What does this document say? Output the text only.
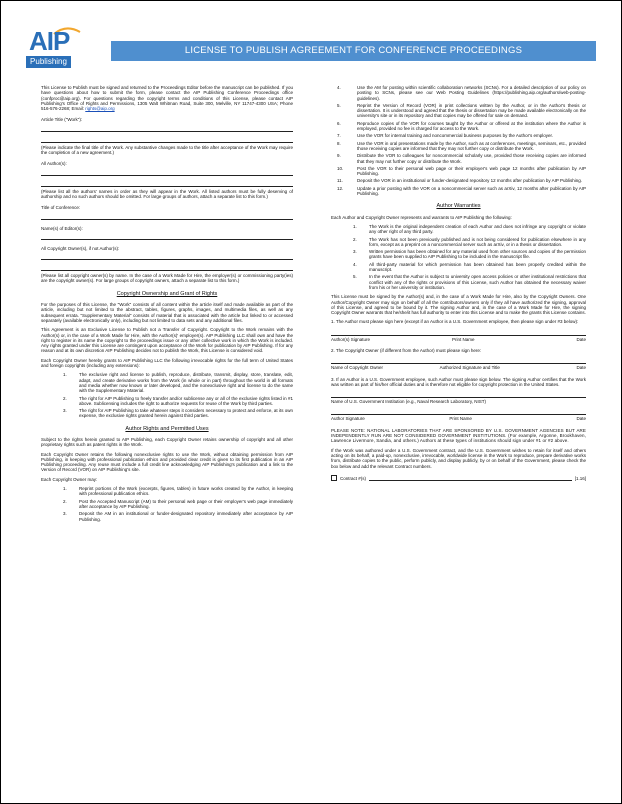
AIP
Publishing
LICENSE TO PUBLISH AGREEMENT FOR CONFERENCE PROCEEDINGS

This License to Publish must be signed and returned to the Proceedings Editor before the manuscript can be published. If you have questions about how to submit the form, please contact the AIP Publishing Conference Proceedings office (confproc@aip.org). For questions regarding the copyright terms and conditions of this License, please contact AIP Publishing's Office of Rights and Permissions, 1305 Walt Whitman Road, Suite 300, Melville, NY 11747-4300 USA; Phone 516-576-2268; Email: rights@aip.org

Article Title ("Work"):

(Please indicate the final title of the Work. Any substantive changes made to the title after acceptance of the Work may require the completion of a new agreement.)

All Author(s):

(Please list all the authors' names in order as they will appear in the Work. All listed authors must be fully deserving of authorship and no such authors should be omitted. For large groups of authors, attach a separate list to this form.)

Title of Conference:
Name(s) of Editor(s):
All Copyright Owner(s), if not Author(s):

(Please list all copyright owner(s) by name. In the case of a Work Made for Hire, the employer(s) or commissioning party(ies) are the copyright owner(s). For large groups of copyright owners, attach a separate list to this form.)

Copyright Ownership and Grant of Rights

For the purposes of this License, the "Work" consists of all content within the article itself and made available as part of the article, including but not limited to the abstract, tables, figures, graphs, images, and multimedia files, as well as any subsequent errata. "Supplementary Material" consists of material that is associated with the article but linked to or accessed separately (available electronically only), including but not limited to data sets and any additional files.

This Agreement is an Exclusive License to Publish not a Transfer of Copyright. Copyright to the Work remains with the Author(s) or, in the case of a Work Made for Hire, with the Author(s)' employer(s). AIP Publishing LLC shall own and have the right to register in its name the copyright to the proceedings issue or any other collective work in which the Work is included. Any rights granted under this License are contingent upon acceptance of the Work for publication by AIP Publishing. If for any reason and at its own discretion AIP Publishing decides not to publish the Work, this License is considered void.

Each Copyright Owner hereby grants to AIP Publishing LLC the following irrevocable rights for the full term of United States and foreign copyrights (including any extensions):

1.	The exclusive right and license to publish, reproduce, distribute, transmit, display, store, translate, edit, adapt, and create derivative works from the Work (in whole or in part) throughout the world in all formats and media whether now known or later developed, and the nonexclusive right and license to do the same with the Supplementary Material.
2.	The right for AIP Publishing to freely transfer and/or sublicense any or all of the exclusive rights listed in #1 above. Sublicensing includes the right to authorize requests for reuse of the Work by third parties.
3.	The right for AIP Publishing to take whatever steps it considers necessary to protect and enforce, at its own expense, the exclusive rights granted herein against third parties.
Author Rights and Permitted Uses

Subject to the rights herein granted to AIP Publishing, each Copyright Owner retains ownership of copyright and all other proprietary rights such as patent rights in the Work.

Each Copyright Owner retains the following nonexclusive rights to use the Work, without obtaining permission from AIP Publishing, in keeping with professional publication ethics and provided clear credit is given to its first publication in an AIP Publishing proceeding. Any reuse must include a full credit line acknowledging AIP Publishing's publication and a link to the Version of Record (VOR) on AIP Publishing's site.

Each Copyright Owner may:

1.	Reprint portions of the Work (excerpts, figures, tables) in future works created by the Author, in keeping with professional publication ethics.
2.	Post the Accepted Manuscript (AM) to their personal web page or their employer's web page immediately after acceptance by AIP Publishing.
3.	Deposit the AM in an institutional or funder-designated repository immediately after acceptance by AIP Publishing.
4.	Use the AM for posting within scientific collaboration networks (SCNs). For a detailed description of our policy on posting to SCNs, please see our Web Posting Guidelines (https://publishing.aip.org/authors/web-posting-guidelines).
5.	Reprint the Version of Record (VOR) in print collections written by the Author, or in the Author's thesis or dissertation. It is understood and agreed that the thesis or dissertation may be made available electronically on the university's site or in its repository and that copies may be offered for sale on demand.
6.	Reproduce copies of the VOR for courses taught by the Author or offered at the institution where the Author is employed, provided no fee is charged for access to the Work.
7.	Use the VOR for internal training and noncommercial business purposes by the Author's employer.
8.	Use the VOR in oral presentations made by the Author, such as at conferences, meetings, seminars, etc., provided those receiving copies are informed that they may not further copy or distribute the Work.
9.	Distribute the VOR to colleagues for noncommercial scholarly use, provided those receiving copies are informed that they may not further copy or distribute the Work.
10.	Post the VOR to their personal web page or their employer's web page 12 months after publication by AIP Publishing.
11.	Deposit the VOR in an institutional or funder-designated repository 12 months after publication by AIP Publishing.
12.	Update a prior posting with the VOR on a noncommercial server such as arXiv, 12 months after publication by AIP Publishing.
Author Warranties

Each Author and Copyright Owner represents and warrants to AIP Publishing the following:

1.	The Work is the original independent creation of each Author and does not infringe any copyright or violate any other right of any third party.
2.	The Work has not been previously published and is not being considered for publication elsewhere in any form, except as a preprint on a noncommercial server such as arXiv, or in a thesis or dissertation.
3.	Written permission has been obtained for any material used from other sources and copies of the permission grants have been supplied to AIP Publishing to be included in the manuscript file.
4.	All third-party material for which permission has been obtained has been properly credited within the manuscript.
5.	In the event that the Author is subject to university open access policies or other institutional restrictions that conflict with any of the rights or provisions of this License, such Author has obtained the necessary waiver from his or her university or institution.

This License must be signed by the Author(s) and, in the case of a Work Made for Hire, also by the Copyright Owners. One Author/Copyright Owner may sign on behalf of all the contributors/owners only if they all have authorized the signing, approval of this License, and agreed to be bound by it. The signing Author and, in the case of a Work Made for Hire, the signing Copyright Owner warrants that he/she/it has full authority to enter into this License and to make the grants this License contains.

1. The Author must please sign here (except if an Author is a U.S. Government employee, then please sign under #3 below):

Author(s) Signature	Print Name	Date

2. The Copyright Owner (if different from the Author) must please sign here:

Name of Copyright Owner	Authorized Signature and Title	Date

3. If an Author is a U.S. Government employee, such Author must please sign below. The signing Author certifies that the Work was written as part of his/her official duties and is therefore not eligible for copyright protection in the United States.

Name of U.S. Government Institution (e.g., Naval Research Laboratory, NIST)
Author Signature	Print Name	Date

PLEASE NOTE: NATIONAL LABORATORIES THAT ARE SPONSORED BY U.S. GOVERNMENT AGENCIES BUT ARE INDEPENDENTLY RUN ARE NOT CONSIDERED GOVERNMENT INSTITUTIONS. (For example, Argonne, Brookhaven, Lawrence Livermore, Sandia, and others.) Authors at these types of institutions should sign under #1 or #2 above.

If the Work was authored under a U.S. Government contract, and the U.S. Government wishes to retain for itself and others acting on its behalf, a paid-up, nonexclusive, irrevocable, worldwide license in the Work to reproduce, prepare derivative works from, distribute copies to the public, perform publicly, and display publicly, by or on behalf of the Government, please check the box below and add the relevant Contract numbers.

Contract #(s)	[1.16]
